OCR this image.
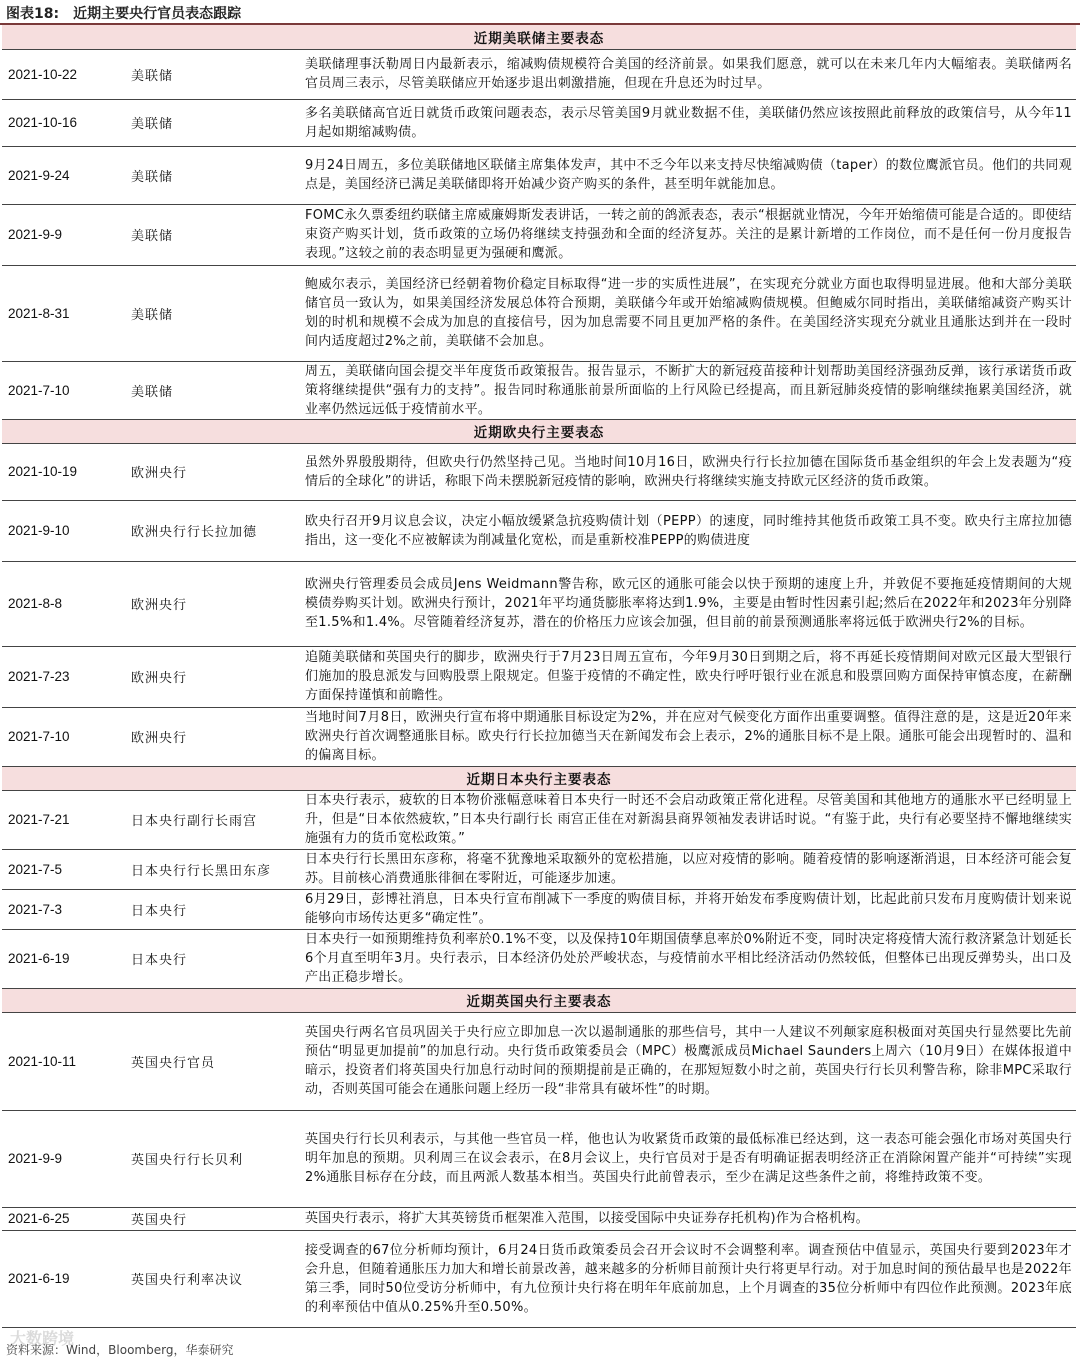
图表18: 近期主要央行官员表态跟踪
近期美联储主要表态		
2021-10-22	美联储	美联储理事沃勒周日内最新表示，缩减购债规模符合美国的经济前景。如果我们愿意，就可以在未来几年内大幅缩表。美联储两名官员周三表示，尽管美联储应开始逐步退出刺激措施，但现在升息还为时过早。
2021-10-16	美联储	多名美联储高官近日就货币政策问题表态，表示尽管美国9月就业数据不佳，美联储仍然应该按照此前释放的政策信号，从今年11月起如期缩减购债。
2021-9-24	美联储	9月24日周五，多位美联储地区联储主席集体发声，其中不乏今年以来支持尽快缩减购债（taper）的数位鹰派官员。他们的共同观点是，美国经济已满足美联储即将开始减少资产购买的条件，甚至明年就能加息。
2021-9-9	美联储	FOMC永久票委纽约联储主席威廉姆斯发表讲话，一转之前的鸽派表态，表示“根据就业情况，今年开始缩债可能是合适的。即使结束资产购买计划，货币政策的立场仍将继续支持强劲和全面的经济复苏。关注的是累计新增的工作岗位，而不是任何一份月度报告表现。”这较之前的表态明显更为强硬和鹰派。
2021-8-31	美联储	鲍威尔表示，美国经济已经朝着物价稳定目标取得“进一步的实质性进展”，在实现充分就业方面也取得明显进展。他和大部分美联储官员一致认为，如果美国经济发展总体符合预期，美联储今年或开始缩减购债规模。但鲍威尔同时指出，美联储缩减资产购买计划的时机和规模不会成为加息的直接信号，因为加息需要不同且更加严格的条件。在美国经济实现充分就业且通胀达到并在一段时间内适度超过2%之前，美联储不会加息。
2021-7-10	美联储	周五，美联储向国会提交半年度货币政策报告。报告显示，不断扩大的新冠疫苗接种计划帮助美国经济强劲反弹，该行承诺货币政策将继续提供“强有力的支持”。报告同时称通胀前景所面临的上行风险已经提高，而且新冠肺炎疫情的影响继续拖累美国经济，就业率仍然远远低于疫情前水平。
近期欧央行主要表态		
2021-10-19	欧洲央行	虽然外界殷殷期待，但欧央行仍然坚持己见。当地时间10月16日，欧洲央行行长拉加德在国际货币基金组织的年会上发表题为“疫情后的全球化”的讲话，称眼下尚未摆脱新冠疫情的影响，欧洲央行将继续实施支持欧元区经济的货币政策。
2021-9-10	欧洲央行行长拉加德	欧央行召开9月议息会议，决定小幅放缓紧急抗疫购债计划（PEPP）的速度，同时维持其他货币政策工具不变。欧央行主席拉加德指出，这一变化不应被解读为削减量化宽松，而是重新校准PEPP的购债进度
2021-8-8	欧洲央行	欧洲央行管理委员会成员Jens Weidmann警告称，欧元区的通胀可能会以快于预期的速度上升，并敦促不要拖延疫情期间的大规模债券购买计划。欧洲央行预计，2021年平均通货膨胀率将达到1.9%，主要是由暂时性因素引起;然后在2022年和2023年分别降至1.5%和1.4%。尽管随着经济复苏，潜在的价格压力应该会加强，但目前的前景预测通胀率将远低于欧洲央行2%的目标。
2021-7-23	欧洲央行	追随美联储和英国央行的脚步，欧洲央行于7月23日周五宣布，今年9月30日到期之后，将不再延长疫情期间对欧元区最大型银行们施加的股息派发与回购股票上限规定。但鉴于疫情的不确定性，欧央行呼吁银行业在派息和股票回购方面保持审慎态度，在薪酬方面保持谨慎和前瞻性。
2021-7-10	欧洲央行	当地时间7月8日，欧洲央行宣布将中期通胀目标设定为2%，并在应对气候变化方面作出重要调整。值得注意的是，这是近20年来欧洲央行首次调整通胀目标。欧央行行长拉加德当天在新闻发布会上表示，2%的通胀目标不是上限。通胀可能会出现暂时的、温和的偏离目标。
近期日本央行主要表态		
2021-7-21	日本央行副行长雨宫	日本央行表示，疲软的日本物价涨幅意味着日本央行一时还不会启动政策正常化进程。尽管美国和其他地方的通胀水平已经明显上升，但是“日本依然疲软，”日本央行副行长 雨宫正佳在对新潟县商界领袖发表讲话时说。“有鉴于此，央行有必要坚持不懈地继续实施强有力的货币宽松政策。”
2021-7-5	日本央行行长黑田东彦	日本央行行长黑田东彦称，将毫不犹豫地采取额外的宽松措施，以应对疫情的影响。随着疫情的影响逐渐消退，日本经济可能会复苏。目前核心消费通胀徘徊在零附近，可能逐步加速。
2021-7-3	日本央行	6月29日，彭博社消息，日本央行宣布削减下一季度的购债目标，并将开始发布季度购债计划，比起此前只发布月度购债计划来说能够向市场传达更多“确定性”。
2021-6-19	日本央行	日本央行一如预期维持负利率於0.1%不变，以及保持10年期国债孳息率於0%附近不变，同时决定将疫情大流行救济紧急计划延长6个月直至明年3月。央行表示，日本经济仍处於严峻状态，与疫情前水平相比经济活动仍然较低，但整体已出现反弹势头，出口及产出正稳步增长。
近期英国央行主要表态		
2021-10-11	英国央行官员	英国央行两名官员巩固关于央行应立即加息一次以遏制通胀的那些信号，其中一人建议不列颠家庭积极面对英国央行显然要比先前预估“明显更加提前”的加息行动。央行货币政策委员会（MPC）极鹰派成员Michael Saunders上周六（10月9日）在媒体报道中暗示，投资者们将英国央行加息行动时间的预期提前是正确的，在那短短数小时之前，英国央行行长贝利警告称，除非MPC采取行动，否则英国可能会在通胀问题上经历一段“非常具有破坏性”的时期。
2021-9-9	英国央行行长贝利	英国央行行长贝利表示，与其他一些官员一样，他也认为收紧货币政策的最低标准已经达到，这一表态可能会强化市场对英国央行明年加息的预期。贝利周三在议会表示，在8月会议上，央行官员对于是否有明确证据表明经济正在消除闲置产能并“可持续”实现2%通胀目标存在分歧，而且两派人数基本相当。英国央行此前曾表示，至少在满足这些条件之前，将维持政策不变。
2021-6-25	英国央行	英国央行表示，将扩大其英镑货币框架准入范围，以接受国际中央证券存托机构)作为合格机构。
2021-6-19	英国央行利率决议	接受调查的67位分析师均预计，6月24日货币政策委员会召开会议时不会调整利率。调查预估中值显示，英国央行要到2023年才会升息，但随着通胀压力加大和增长前景改善，越来越多的分析师目前预计央行将更早行动。对于加息时间的预估最早也是2022年第三季，同时50位受访分析师中，有九位预计央行将在明年年底前加息，上个月调查的35位分析师中有四位作此预测。2023年底的利率预估中值从0.25%升至0.50%。
大数跨境
资料来源：Wind，Bloomberg，华泰研究
